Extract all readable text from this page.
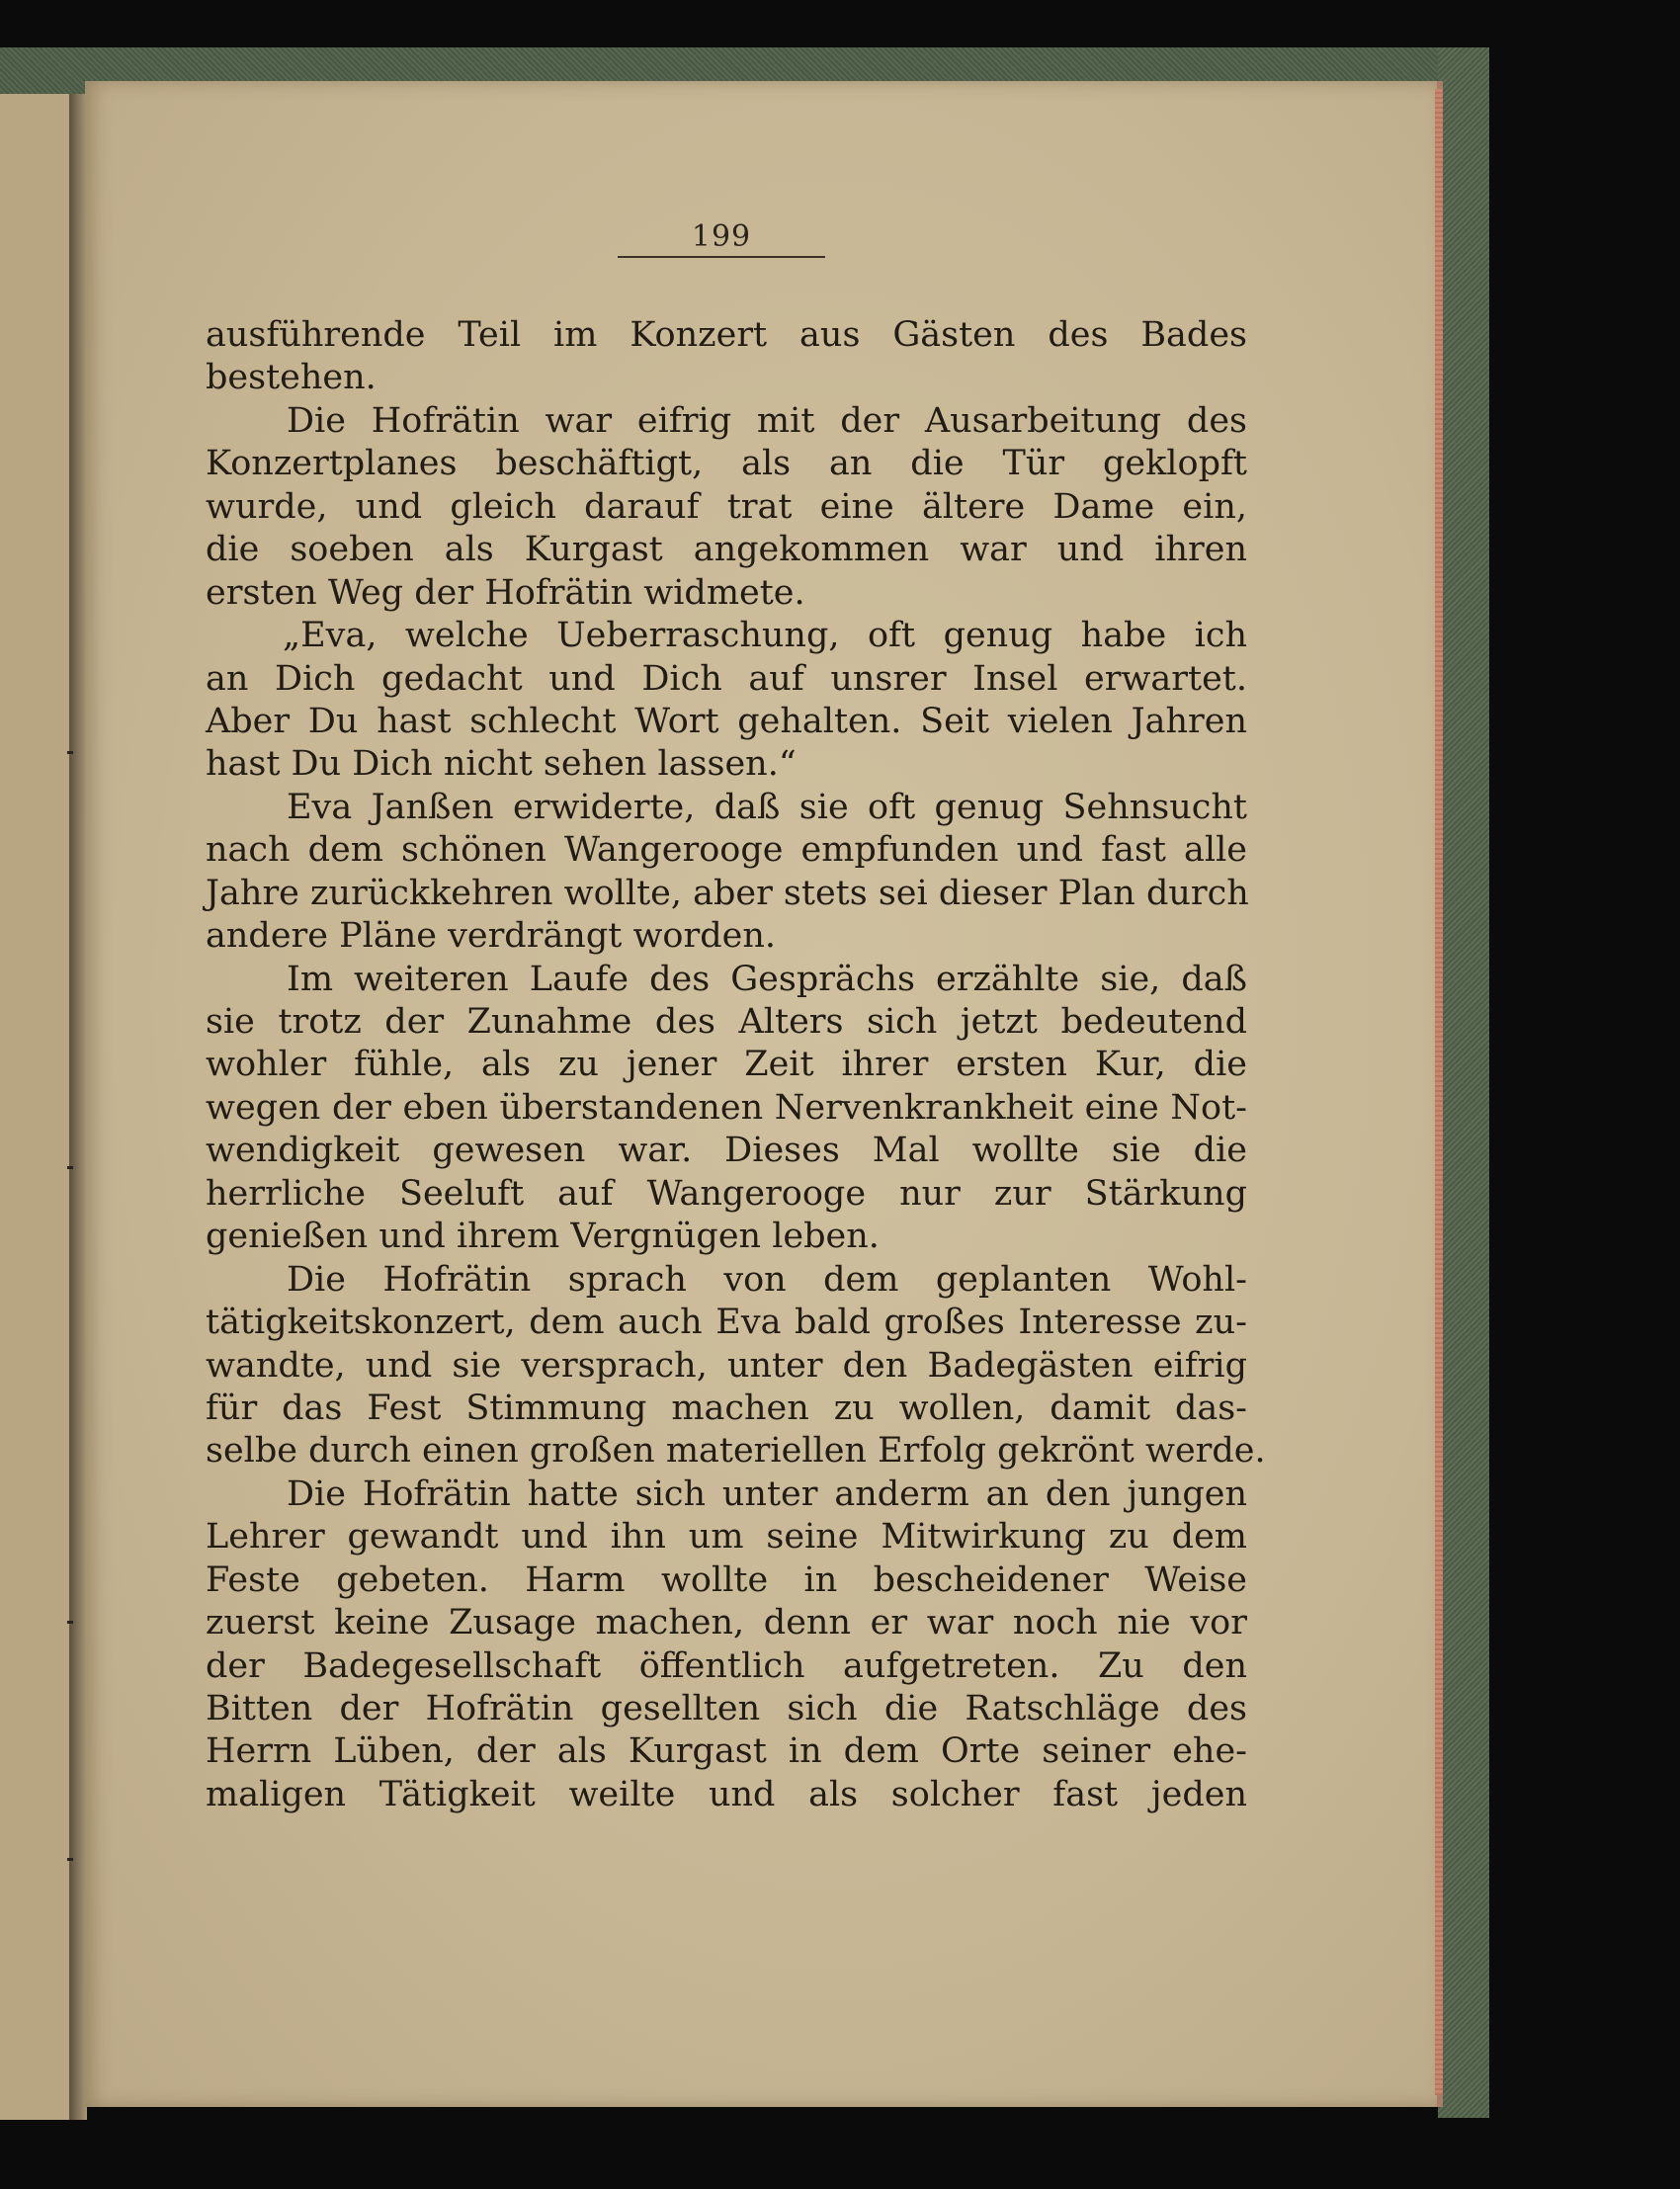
199
ausführende Teil im Konzert aus Gästen des Bades
bestehen.
Die Hofrätin war eifrig mit der Ausarbeitung des
Konzertplanes beschäftigt, als an die Tür geklopft
wurde, und gleich darauf trat eine ältere Dame ein,
die soeben als Kurgast angekommen war und ihren
ersten Weg der Hofrätin widmete.
„Eva, welche Ueberraschung, oft genug habe ich
an Dich gedacht und Dich auf unsrer Insel erwartet.
Aber Du hast schlecht Wort gehalten. Seit vielen Jahren
hast Du Dich nicht sehen lassen.“
Eva Janßen erwiderte, daß sie oft genug Sehnsucht
nach dem schönen Wangerooge empfunden und fast alle
Jahre zurückkehren wollte, aber stets sei dieser Plan durch
andere Pläne verdrängt worden.
Im weiteren Laufe des Gesprächs erzählte sie, daß
sie trotz der Zunahme des Alters sich jetzt bedeutend
wohler fühle, als zu jener Zeit ihrer ersten Kur, die
wegen der eben überstandenen Nervenkrankheit eine Not-
wendigkeit gewesen war. Dieses Mal wollte sie die
herrliche Seeluft auf Wangerooge nur zur Stärkung
genießen und ihrem Vergnügen leben.
Die Hofrätin sprach von dem geplanten Wohl-
tätigkeitskonzert, dem auch Eva bald großes Interesse zu-
wandte, und sie versprach, unter den Badegästen eifrig
für das Fest Stimmung machen zu wollen, damit das-
selbe durch einen großen materiellen Erfolg gekrönt werde.
Die Hofrätin hatte sich unter anderm an den jungen
Lehrer gewandt und ihn um seine Mitwirkung zu dem
Feste gebeten. Harm wollte in bescheidener Weise
zuerst keine Zusage machen, denn er war noch nie vor
der Badegesellschaft öffentlich aufgetreten. Zu den
Bitten der Hofrätin gesellten sich die Ratschläge des
Herrn Lüben, der als Kurgast in dem Orte seiner ehe-
maligen Tätigkeit weilte und als solcher fast jeden
